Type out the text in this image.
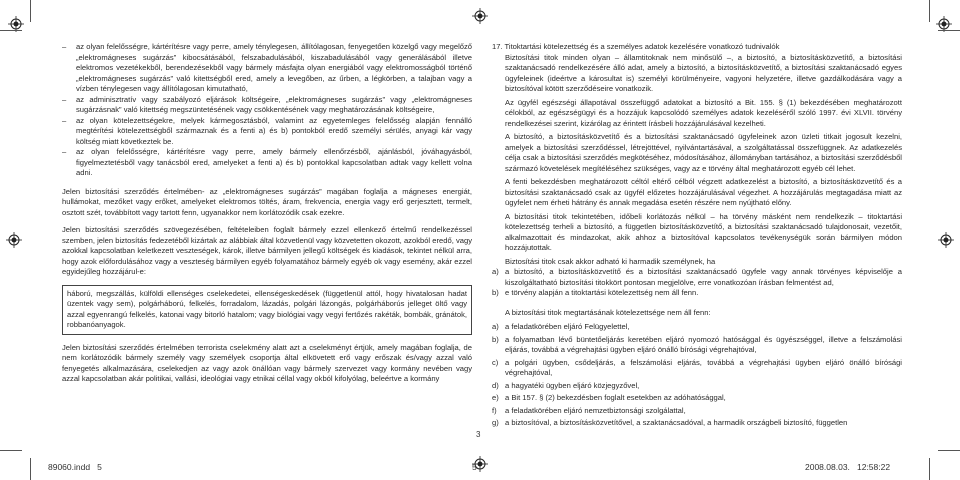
– az olyan felelősségre, kártérítésre vagy perre, amely ténylegesen, állítólagosan, fenyegetően közelgő vagy megelőző „elektromágneses sugárzás” kibocsátásából, felszabadulásából, kiszabadulásából vagy generálásából illetve elektromos vezetékekből, berendezésekből vagy bármely másfajta olyan energiából vagy elektromosságból történő „elektromágneses sugárzás” való kitettségből ered, amely a levegőben, az űrben, a légkörben, a talajban vagy a vízben ténylegesen vagy állítólagosan kimutatható,
– az adminisztratív vagy szabályozó eljárások költségeire, „elektromágneses sugárzás” vagy „elektromágneses sugárzásnak” való kitettség megszüntetésének vagy csökkentésének vagy meghatározásának költségeire,
– az olyan kötelezettségekre, melyek kármegosztásból, valamint az egyetemleges felelősség alapján fennálló megtérítési kötelezettségből származnak és a fenti a) és b) pontokból eredő személyi sérülés, anyagi kár vagy költség miatt következtek be.
– az olyan felelősségre, kártérítésre vagy perre, amely bármely ellenőrzésből, ajánlásból, jóváhagyásból, figyelmeztetésből vagy tanácsból ered, amelyeket a fenti a) és b) pontokkal kapcsolatban adtak vagy kellett volna adni.

Jelen biztosítási szerződés értelmében- az „elektromágneses sugárzás” magában foglalja a mágneses energiát, hullámokat, mezőket vagy erőket, amelyeket elektromos töltés, áram, frekvencia, energia vagy erő gerjesztett, termelt, osztott szét, továbbított vagy tartott fenn, ugyanakkor nem korlátozódik csak ezekre.

Jelen biztosítási szerződés szövegezésében, feltételeiben foglalt bármely ezzel ellenkező értelmű rendelkezéssel szemben, jelen biztosítás fedezetéből kizártak az alábbiak által közvetlenül vagy közvetetten okozott, azokból eredő, vagy azokkal kapcsolatban keletkezett veszteségek, károk, illetve bármilyen jellegű költségek és kiadások, tekintet nélkül arra, hogy azok előfordulásához vagy a veszteség bármilyen egyéb folyamatához bármely egyéb ok vagy esemény, akár ezzel egyidejűleg hozzájárul-e:

háború, megszállás, külföldi ellenséges cselekedetei, ellenségeskedések (függetlenül attól, hogy hivatalosan hadat üzentek vagy sem), polgárháború, felkelés, forradalom, lázadás, polgári lázongás, polgárháborús jelleget öltő vagy azzal egyenrangú felkelés, katonai vagy bitorló hatalom; vagy biológiai vagy vegyi fertőzés rakéták, bombák, gránátok, robbanóanyagok.

Jelen biztosítási szerződés értelmében terrorista cselekmény alatt azt a cselekményt értjük, amely magában foglalja, de nem korlátozódik bármely személy vagy személyek csoportja által elkövetett erő vagy erőszak és/vagy azzal való fenyegetés alkalmazására, cselekedjen az vagy azok önállóan vagy bármely szervezet vagy kormány nevében vagy azzal kapcsolatban akár politikai, vallási, ideológiai vagy etnikai céllal vagy okból kifolyólag, beleértve a kormány

17. Titoktartási kötelezettség és a személyes adatok kezelésére vonatkozó tudnivalók

Biztosítási titok minden olyan – államtitoknak nem minősülő –, a biztosító, a biztosításközvetítő, a biztosítási szaktanácsadó rendelkezésére álló adat, amely a biztosító, a biztosításközvetítő, a biztosítási szaktanácsadó egyes ügyfeleinek (ideértve a károsultat is) személyi körülményeire, vagyoni helyzetére, illetve gazdálkodására vagy a biztosítóval kötött szerződéseire vonatkozik.

Az ügyfél egészségi állapotával összefüggő adatokat a biztosító a Bit. 155. § (1) bekezdésében meghatározott célokból, az egészségügyi és a hozzájuk kapcsolódó személyes adatok kezeléséről szóló 1997. évi XLVII. törvény rendelkezései szerint, kizárólag az érintett írásbeli hozzájárulásával kezelheti.

A biztosító, a biztosításközvetítő és a biztosítási szaktanácsadó ügyfeleinek azon üzleti titkait jogosult kezelni, amelyek a biztosítási szerződéssel, létrejöttével, nyilvántartásával, a szolgáltatással összefüggnek. Az adatkezelés célja csak a biztosítási szerződés megkötéséhez, módosításához, állományban tartásához, a biztosítási szerződésből származó követelések megítéléséhez szükséges, vagy az e törvény által meghatározott egyéb cél lehet.

A fenti bekezdésben meghatározott céltól eltérő célból végzett adatkezelést a biztosító, a biztosításközvetítő és a biztosítási szaktanácsadó csak az ügyfél előzetes hozzájárulásával végezhet. A hozzájárulás megtagadása miatt az ügyfelet nem érheti hátrány és annak megadása esetén részére nem nyújtható előny.

A biztosítási titok tekintetében, időbeli korlátozás nélkül – ha törvény másként nem rendelkezik – titoktartási kötelezettség terheli a biztosító, a független biztosításközvetítő, a biztosítási szaktanácsadó tulajdonosait, vezetőit, alkalmazottait és mindazokat, akik ahhoz a biztosítóval kapcsolatos tevékenységük során bármilyen módon hozzájutottak.

Biztosítási titok csak akkor adható ki harmadik személynek, ha

a) a biztosító, a biztosításközvetítő és a biztosítási szaktanácsadó ügyfele vagy annak törvényes képviselője a kiszolgáltatható biztosítási titokkört pontosan megjelölve, erre vonatkozóan írásban felmentést ad,
b) e törvény alapján a titoktartási kötelezettség nem áll fenn.

A biztosítási titok megtartásának kötelezettsége nem áll fenn:

a) a feladatkörében eljáró Felügyelettel,
b) a folyamatban lévő büntetőeljárás keretében eljáró nyomozó hatósággal és ügyészséggel, illetve a felszámolási eljárás, továbbá a végrehajtási ügyben eljáró önálló bírósági végrehajtóval,
c) a polgári ügyben, csődeljárás, a felszámolási eljárás, továbbá a végrehajtási ügyben eljáró önálló bírósági végrehajtóval,
d) a hagyatéki ügyben eljáró közjegyzővel,
e) a Bit 157. § (2) bekezdésben foglalt esetekben az adóhatósággal,
f) a feladatkörében eljáró nemzetbiztonsági szolgálattal,
g) a biztosítóval, a biztosításközvetítővel, a szaktanácsadóval, a harmadik országbeli biztosító, független
3
89060.indd   5	5	2008.08.03.   12:58:22
